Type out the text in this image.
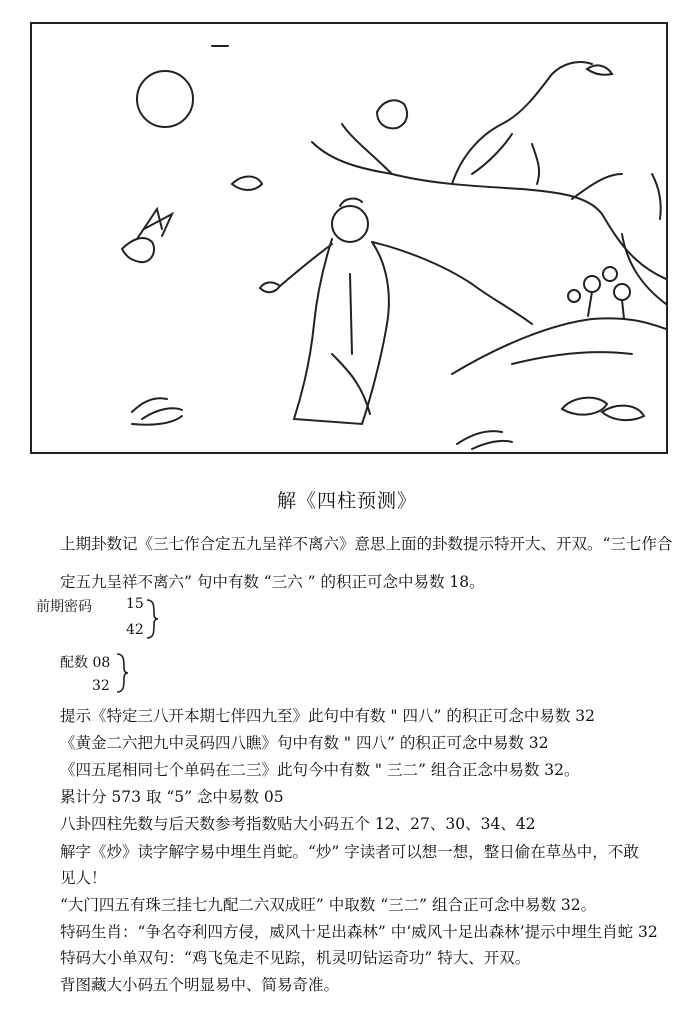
解《四柱预测》
上期卦数记《三七作合定五九呈祥不离六》意思上面的卦数提示特开大、开双。“三七作合
定五九呈祥不离六” 句中有数 “三六 ” 的积正可念中易数 18。
前期密码 15
42
配数 08
32
提示《特定三八开本期七伴四九至》此句中有数 " 四八” 的积正可念中易数 32
《黄金二六把九中灵码四八瞧》句中有数 " 四八” 的积正可念中易数 32
《四五尾相同七个单码在二三》此句今中有数 " 三二” 组合正念中易数 32。
累计分 573 取 “5” 念中易数 05
八卦四柱先数与后天数参考指数贴大小码五个 12、27、30、34、42
解字《炒》读字解字易中埋生肖蛇。“炒” 字读者可以想一想，整日偷在草丛中，不敢
见人！
“大门四五有珠三挂七九配二六双成旺” 中取数 “三二” 组合正可念中易数 32。
特码生肖：“争名夺利四方侵，威风十足出森林” 中‘威风十足出森林’提示中埋生肖蛇 32
特码大小单双句：“鸡飞兔走不见踪，机灵叨钻运奇功” 特大、开双。
背图藏大小码五个明显易中、简易奇准。
